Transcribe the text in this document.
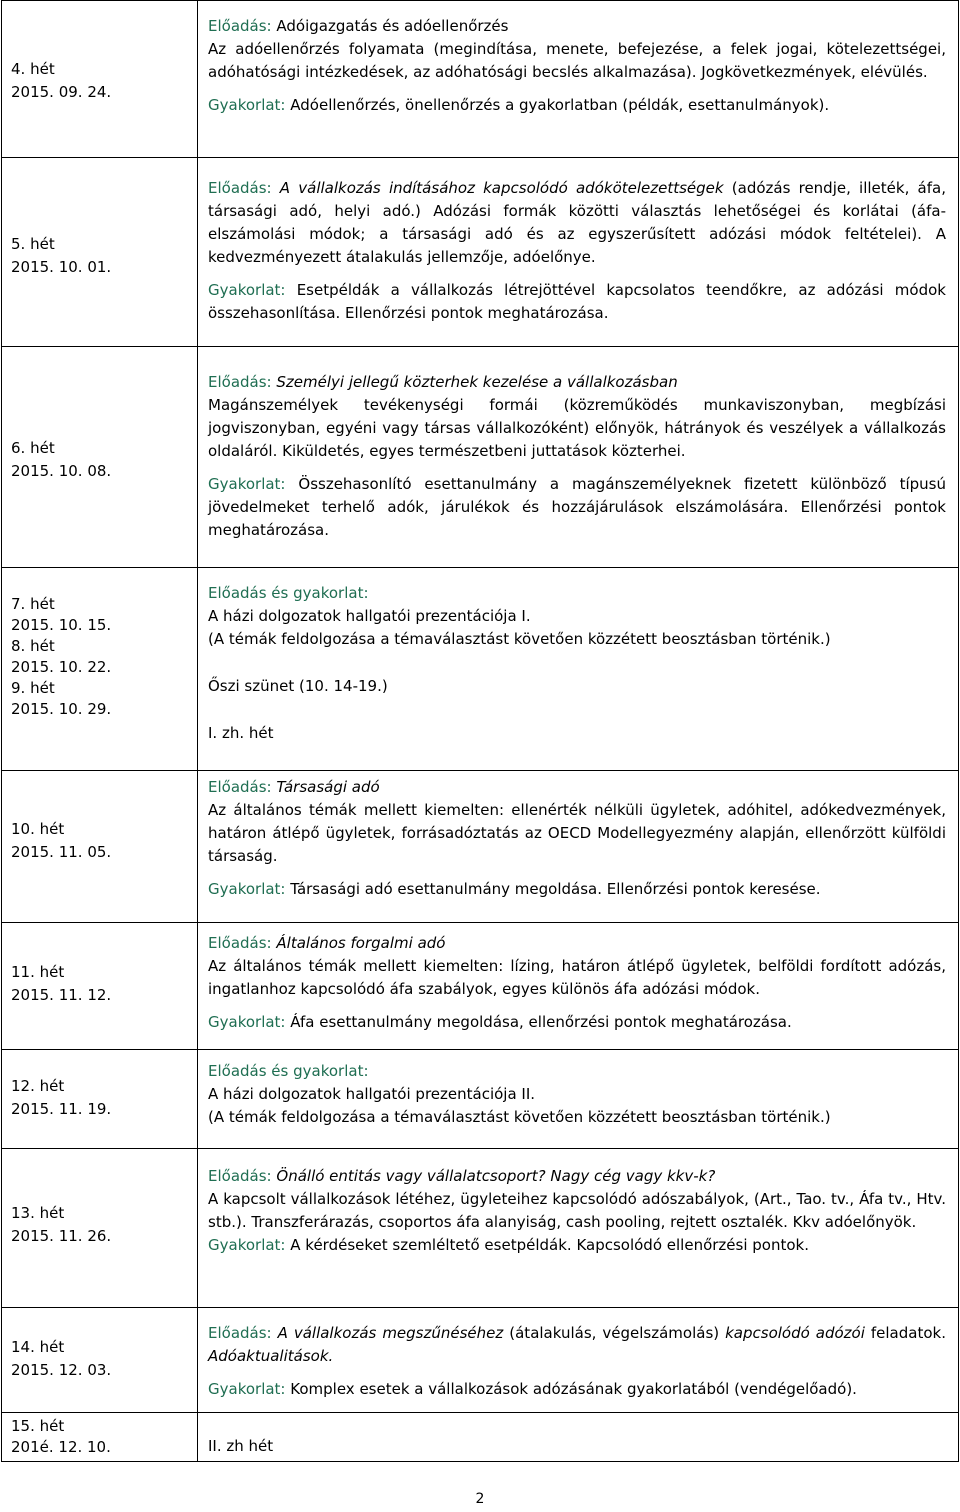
4. hét
2015. 09. 24.

Előadás: Adóigazgatás és adóellenőrzés
Az adóellenőrzés folyamata (megindítása, menete, befejezése, a felek jogai, kötelezettségei, adóhatósági intézkedések, az adóhatósági becslés alkalmazása). Jogkövetkezmények, elévülés.

Gyakorlat: Adóellenőrzés, önellenőrzés a gyakorlatban (példák, esettanulmányok).

5. hét
2015. 10. 01.

Előadás: A vállalkozás indításához kapcsolódó adókötelezettségek (adózás rendje, illeték, áfa, társasági adó, helyi adó.) Adózási formák közötti választás lehetőségei és korlátai (áfa-elszámolási módok; a társasági adó és az egyszerűsített adózási módok feltételei). A kedvezményezett átalakulás jellemzője, adóelőnye.

Gyakorlat: Esetpéldák a vállalkozás létrejöttével kapcsolatos teendőkre, az adózási módok összehasonlítása. Ellenőrzési pontok meghatározása.

6. hét
2015. 10. 08.

Előadás: Személyi jellegű közterhek kezelése a vállalkozásban
Magánszemélyek tevékenységi formái (közreműködés munkaviszonyban, megbízási jogviszonyban, egyéni vagy társas vállalkozóként) előnyök, hátrányok és veszélyek a vállalkozás oldaláról. Kiküldetés, egyes természetbeni juttatások közterhei.

Gyakorlat: Összehasonlító esettanulmány a magánszemélyeknek fizetett különböző típusú jövedelmeket terhelő adók, járulékok és hozzájárulások elszámolására. Ellenőrzési pontok meghatározása.

7. hét
2015. 10. 15.
8. hét
2015. 10. 22.
9. hét
2015. 10. 29.

Előadás és gyakorlat:

A házi dolgozatok hallgatói prezentációja I.

(A témák feldolgozása a témaválasztást követően közzétett beosztásban történik.)

Őszi szünet (10. 14-19.)

I. zh. hét

10. hét
2015. 11. 05.

Előadás: Társasági adó
Az általános témák mellett kiemelten: ellenérték nélküli ügyletek, adóhitel, adókedvezmények, határon átlépő ügyletek, forrásadóztatás az OECD Modellegyezmény alapján, ellenőrzött külföldi társaság.

Gyakorlat: Társasági adó esettanulmány megoldása. Ellenőrzési pontok keresése.

11. hét
2015. 11. 12.

Előadás: Általános forgalmi adó
Az általános témák mellett kiemelten: lízing, határon átlépő ügyletek, belföldi fordított adózás, ingatlanhoz kapcsolódó áfa szabályok, egyes különös áfa adózási módok.

Gyakorlat: Áfa esettanulmány megoldása, ellenőrzési pontok meghatározása.

12. hét
2015. 11. 19.

Előadás és gyakorlat:

A házi dolgozatok hallgatói prezentációja II.

(A témák feldolgozása a témaválasztást követően közzétett beosztásban történik.)

13. hét
2015. 11. 26.

Előadás: Önálló entitás vagy vállalatcsoport? Nagy cég vagy kkv-k?
A kapcsolt vállalkozások létéhez, ügyleteihez kapcsolódó adószabályok, (Art., Tao. tv., Áfa tv., Htv. stb.). Transzferárazás, csoportos áfa alanyiság, cash pooling, rejtett osztalék. Kkv adóelőnyök.

Gyakorlat: A kérdéseket szemléltető esetpéldák. Kapcsolódó ellenőrzési pontok.

14. hét
2015. 12. 03.

Előadás: A vállalkozás megszűnéséhez (átalakulás, végelszámolás) kapcsolódó adózói feladatok. Adóaktualitások.

Gyakorlat: Komplex esetek a vállalkozások adózásának gyakorlatából (vendégelőadó).

15. hét
201é. 12. 10.	II. zh hét

2
